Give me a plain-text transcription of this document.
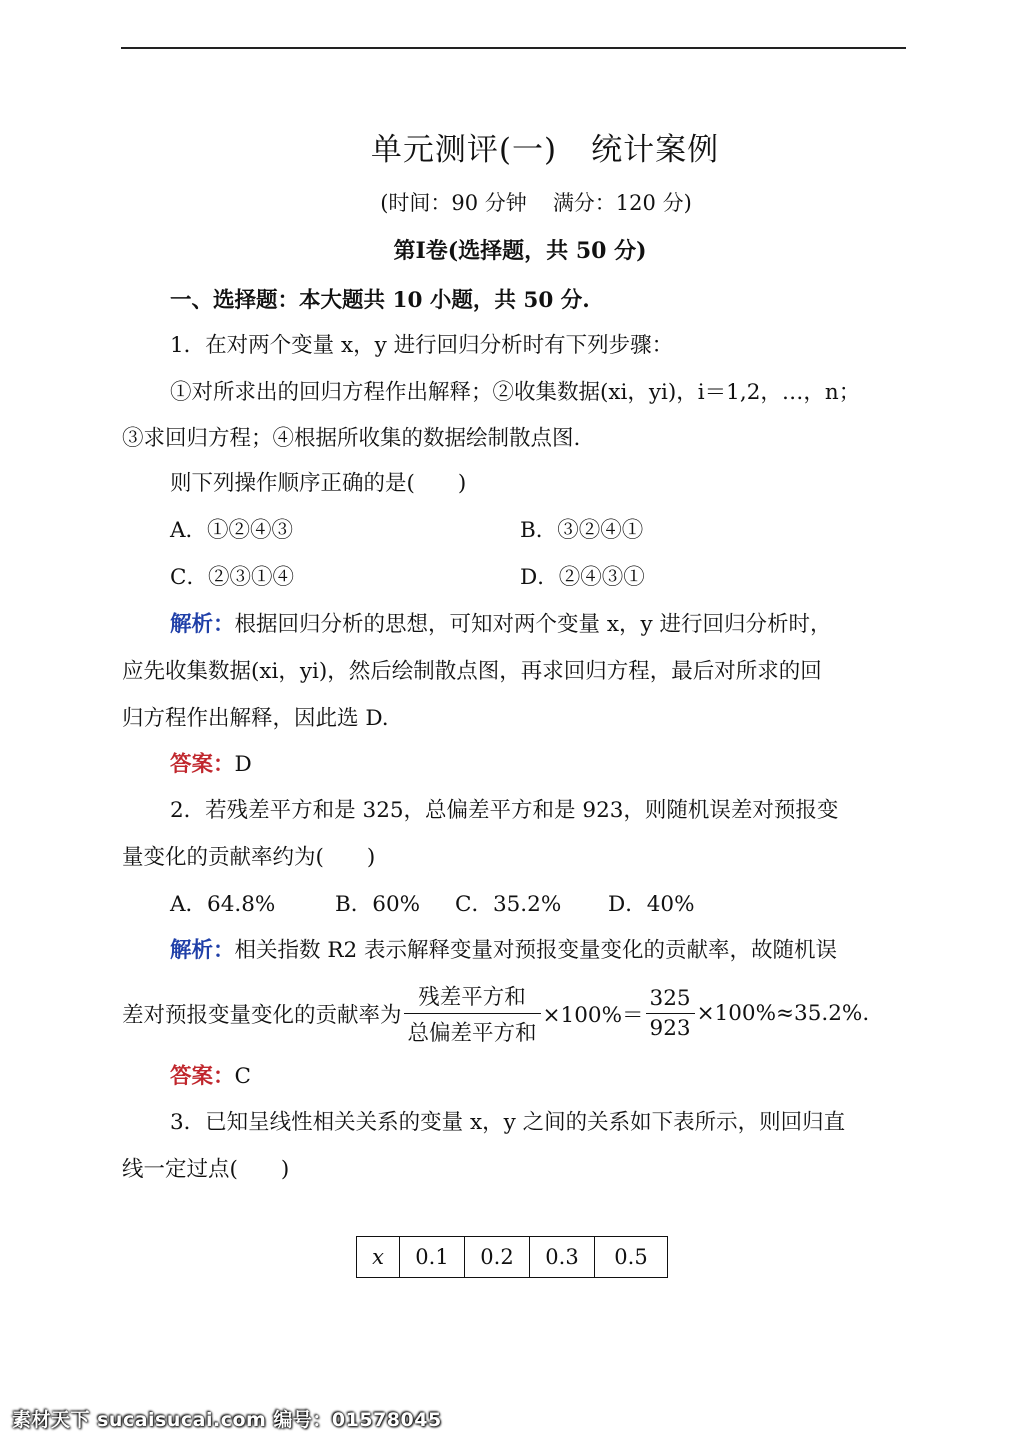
单元测评(一) 统计案例
(时间：90 分钟 满分：120 分)
第Ⅰ卷(选择题，共 50 分)
一、选择题：本大题共 10 小题，共 50 分.
1．在对两个变量 x，y 进行回归分析时有下列步骤：
①对所求出的回归方程作出解释；②收集数据(xi，yi)，i＝1,2，…，n；
③求回归方程；④根据所收集的数据绘制散点图.
则下列操作顺序正确的是(　　)
A．①②④③	B．③②④①
C．②③①④	D．②④③①
解析：根据回归分析的思想，可知对两个变量 x，y 进行回归分析时，
应先收集数据(xi，yi)，然后绘制散点图，再求回归方程，最后对所求的回
归方程作出解释，因此选 D.
答案：D
2．若残差平方和是 325，总偏差平方和是 923，则随机误差对预报变
量变化的贡献率约为(　　)
A．64.8%	B．60% C．35.2% D．40%
解析：相关指数 R2 表示解释变量对预报变量变化的贡献率，故随机误
差对预报变量变化的贡献率为 $\frac{\text{残差平方和}}{\text{总偏差平方和}} \times 100\%= \frac{325}{923} \times 100\%\approx 35.2\%$.
答案：C
3．已知呈线性相关关系的变量 x，y 之间的关系如下表所示，则回归直
线一定过点(　　)
x	0.1	0.2	0.3	0.5
素材天下 sucaisucai.com 编号：01578045
